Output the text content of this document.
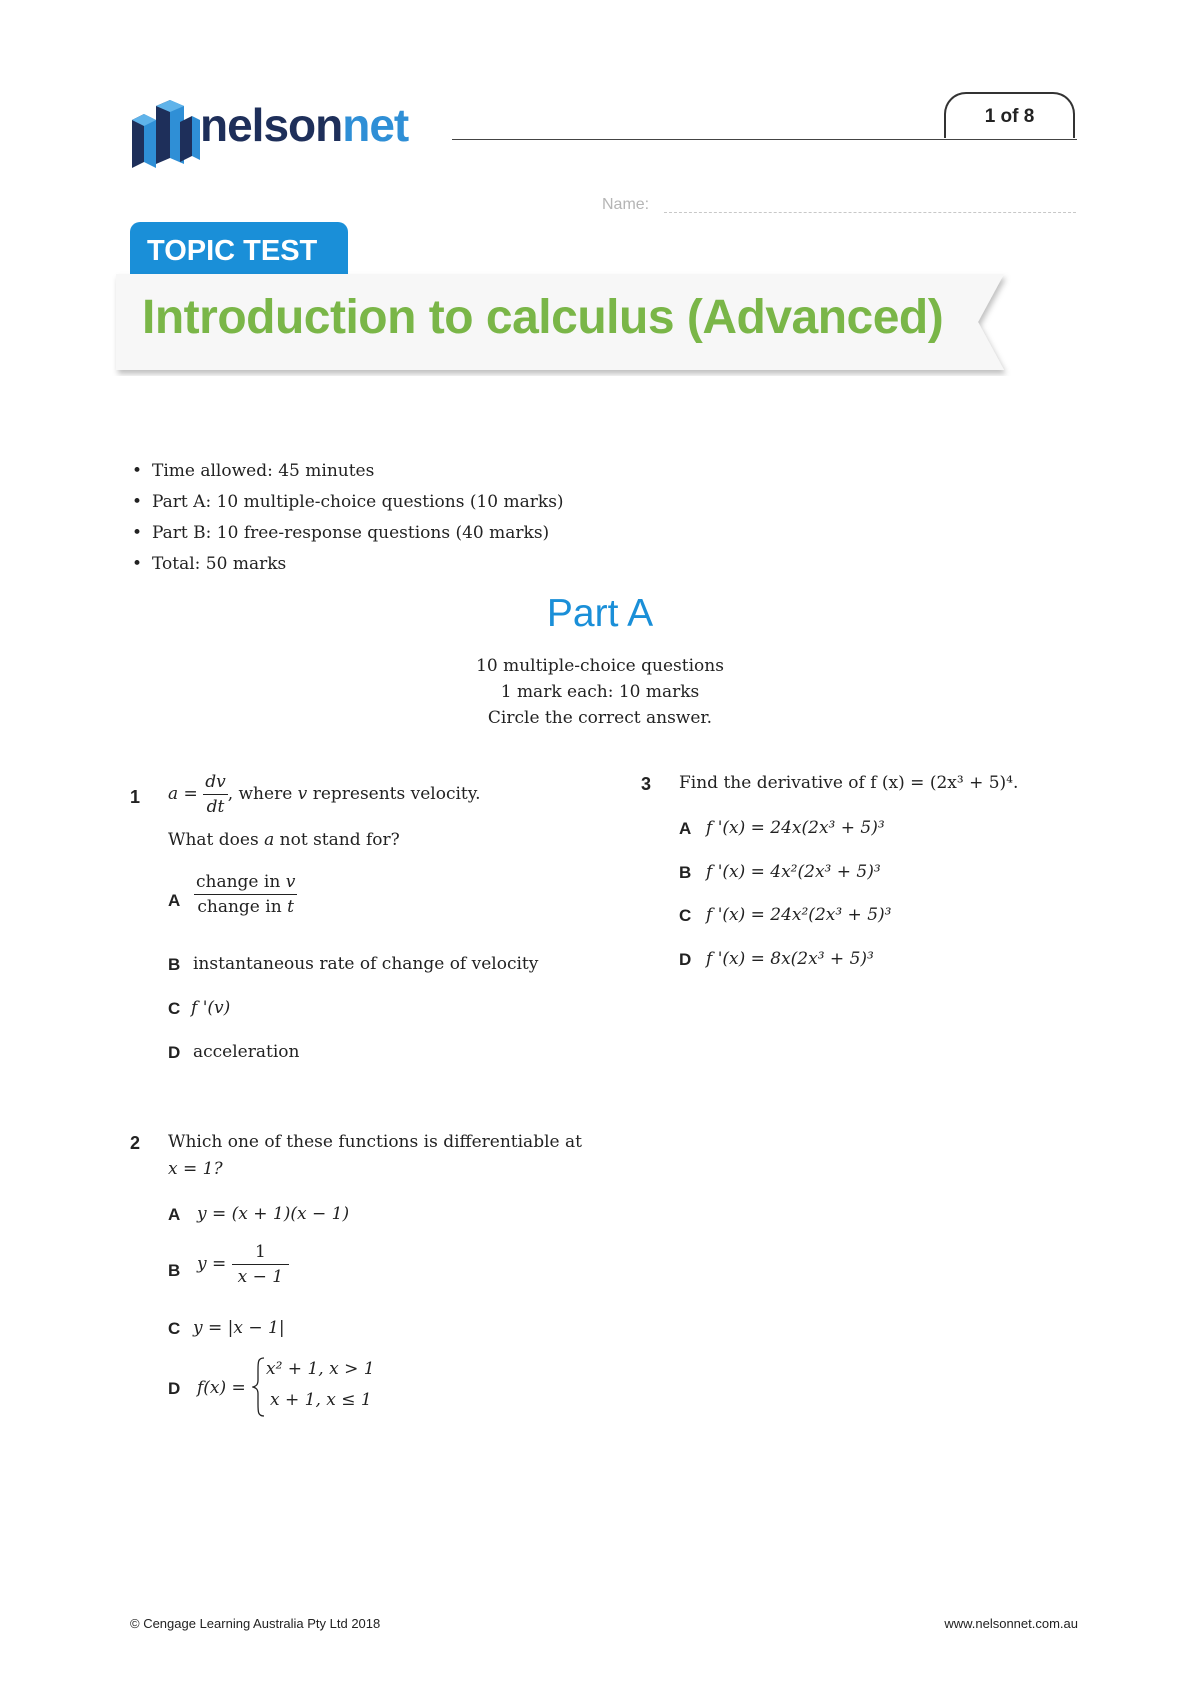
nelsonnet	1 of 8
Name:
TOPIC TEST
Introduction to calculus (Advanced)
• Time allowed: 45 minutes
• Part A: 10 multiple-choice questions (10 marks)
• Part B: 10 free-response questions (40 marks)
• Total: 50 marks
Part A
10 multiple-choice questions
1 mark each: 10 marks
Circle the correct answer.
1 $a = \frac{dv}{dt}$ , where v represents velocity.
What does a not stand for?
A $\frac{\text{change in v}}{\text{change in t}}$
B instantaneous rate of change of velocity
C f '(v)
D acceleration
2 Which one of these functions is differentiable at
x = 1?
A y = (x + 1)(x − 1)
B $y = \frac{1}{x - 1}$
C y = |x − 1|
D f(x) =
x² + 1, x > 1
x + 1, x ≤ 1
3 Find the derivative of f (x) = (2x³ + 5)⁴.
A f '(x) = 24x(2x³ + 5)³
B f '(x) = 4x²(2x³ + 5)³
C f '(x) = 24x²(2x³ + 5)³
D f '(x) = 8x(2x³ + 5)³
© Cengage Learning Australia Pty Ltd 2018	www.nelsonnet.com.au
